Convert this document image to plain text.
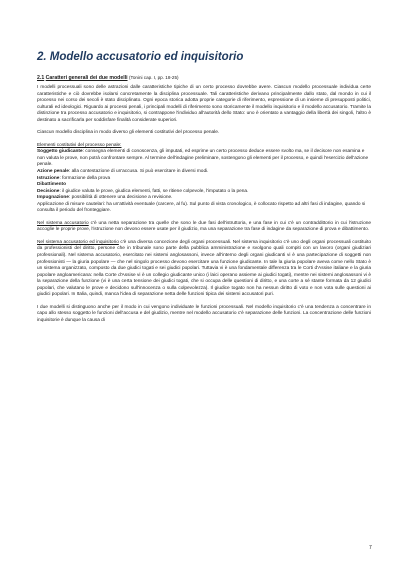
2. Modello accusatorio ed inquisitorio
2.1 Caratteri generali dei due modelli (Tonini cap. I, pp. 18-25)

I modelli processuali sono delle astrazioni dalle caratteristiche tipiche di un certo processo dovrebbe avere. Ciascun modello processuale individua certe caratteristiche e ciò dovrebbe isolarsi concretamente la disciplina processuale. Tali caratteristiche derivano principalmente dallo stato, dal mondo in cui il processo nei corso dei secoli è stato disciplinato. Ogni epoca storica adotta proprie categorie di riferimento, espressione di un insieme di presupposti politici, culturali ed ideologici. Riguardo ai processi penali, i principali modelli di riferimento sono storicamente il modello inquisitorio e il modello accusatorio. Tramite la distinzione tra processo accusatorio e inquisitorio, si contrappone l'individuo all'autorità dello Stato: uno è orientato a vantaggio della libertà dei singoli, l'altro è destinato a sacrificarla per soddisfare finalità considerate superiori.

Ciascun modello disciplina in modo diverso gli elementi costitutivi del processo penale.

Elementi costitutivi del processo penale:
Soggetto giudicante: consegna elementi di conoscenza, gli imputati, ed esprime un certo processo deduce essere svolto ma, se il decisore non esamina e non valuta le prove, non potrà confrontare sempre. Al termine dell'indagine preliminare, sostengono gli elementi per il processo, e quindi l'esercizio dell'azione penale.
Azione penale: alla contestazione di un'accusa. Si può esercitare in diversi modi.
Istruzione: formazione della prova
Dibattimento
Decisione: il giudice valuta le prove, giudica elementi, fatti, se ritiene colpevole, l'imputato o la pena.
Impugnazione: possibilità di ottenere una decisione a revisione.
Applicazione di misure cautelari: ha un'attività eventuale (carcere, al fu). Sul punto di vista cronologico, è collocato rispetto ad altri fasi di indagine, quando si consulta il periodo del fronteggiare.

Nel sistema accusatorio c'è una netta separazione tra quelle che sono le due fasi dell'istruttoria, e una fase in cui c'è un contraddittorio in cui l'istruzione accoglie le proprie prove, l'istruzione non devono essere usate per il giudizio, ma una separazione tra fase di indagine da separazione di prova e dibattimento.

Nel sistema accusatorio ed inquisitorio c'è una diversa concezione degli organi processuali. Nel sistema inquisitorio c'è uno degli organi processuali costituito da professionisti del diritto, persone che in tribunale sono parte della pubblica amministrazione e svolgono quali compiti con un lavoro (organi giudiziari professionali). Nel sistema accusatorio, esercitato nei sistemi anglosassoni, invece all'interno degli organi giudicanti vi è una partecipazione di soggetti non professionisti — la giuria popolare — che nel singolo processo devono esercitare una funzione giudicante. In tale la giuria popolare aveva come nello Stato è un sistema organizzato, composto da due giudici togati e sei giudici popolari. Tuttavia vi è una fondamentale differenza tra le Corti d'Assise italiane e la giuria popolare angloamericana: nella Corte d'Assise vi è un collegio giudicante unico (i laici operano assieme ai giudici togati), mentre nei sistemi anglosassoni vi è la separazione della funzione (vi è una certa tensione dei giudici togati, che si occupa delle questioni di diritto, e una corte a sé stante formata da 12 giudici popolari, che valutano le prove e decidono sull'innocenza o sulla colpevolezza). Il giudice togato non ha nessun diritto di voto e non vota sulle questioni ai giudici popolari. In Italia, quindi, manca l'idea di separazione netta delle funzioni tipica dei sistemi accusatori puri.

I due modelli si distinguono anche per il modo in cui vengono individuate le funzioni processuali. Nel modello inquisitorio c'è una tendenza a concentrare in capo allo stesso soggetto le funzioni dell'accusa e del giudizio, mentre nel modello accusatorio c'è separazione delle funzioni. La concentrazione delle funzioni inquisitorie è dunque la causa di

7
